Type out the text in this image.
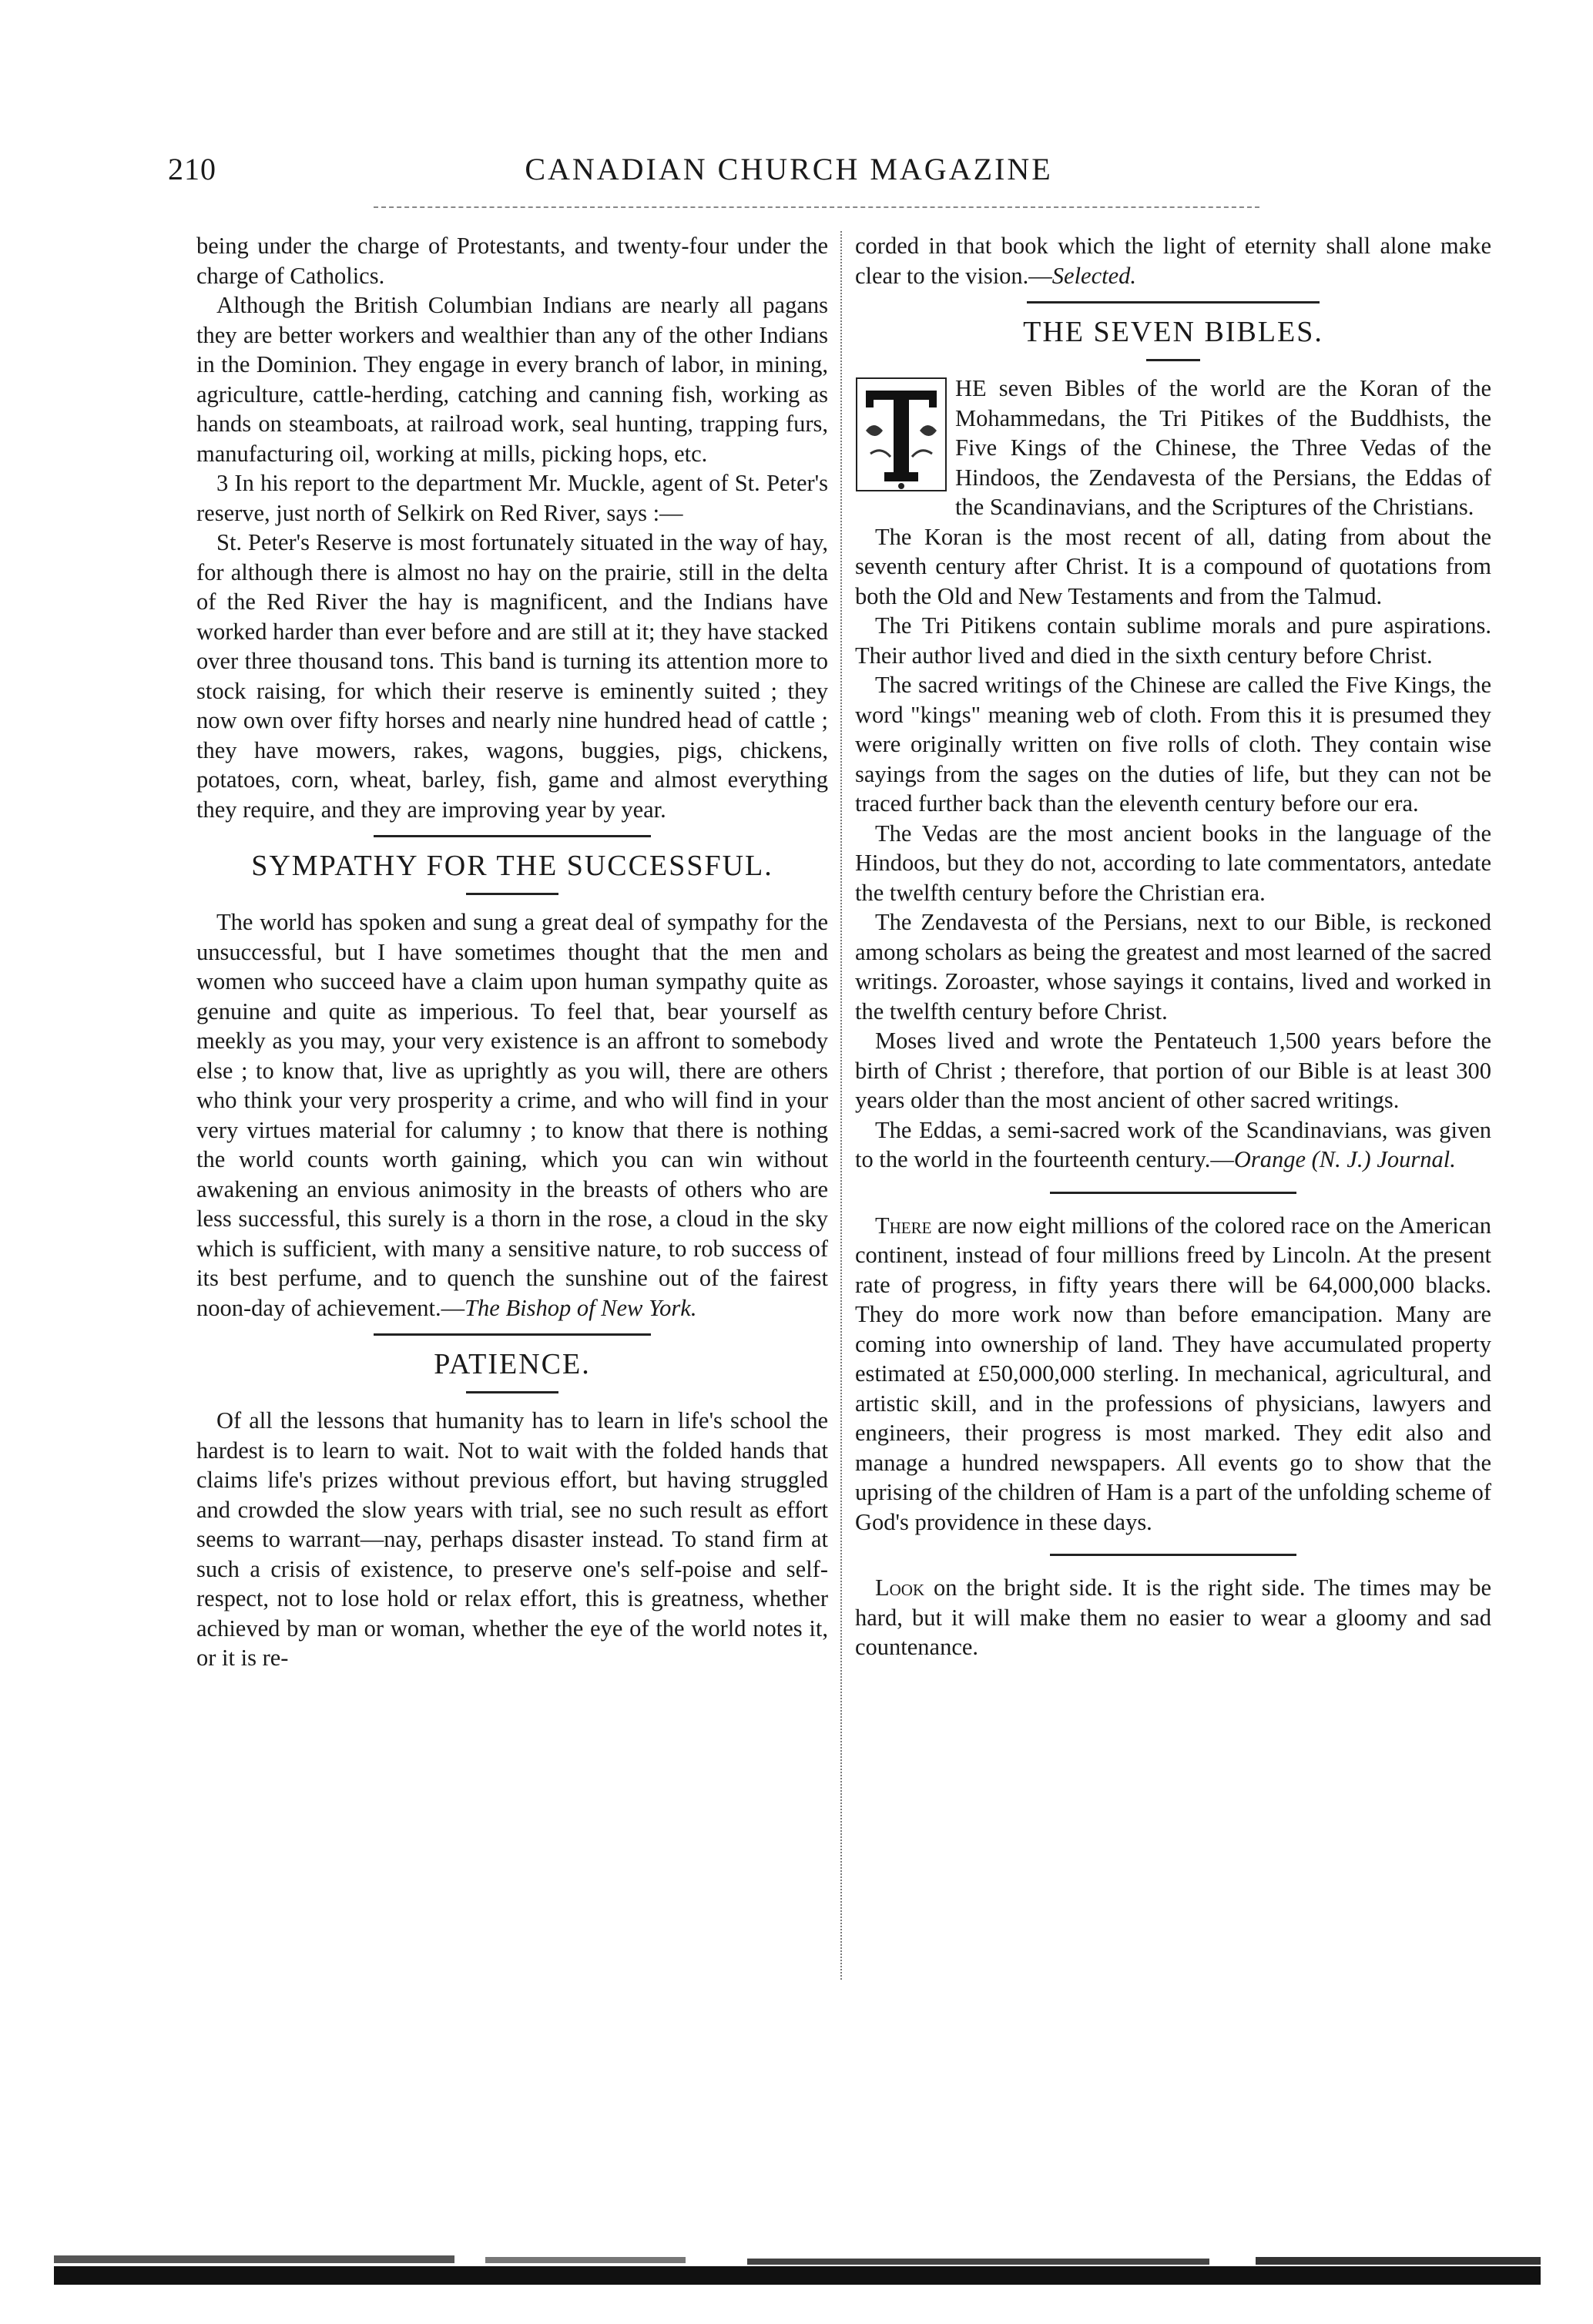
210	CANADIAN CHURCH MAGAZINE

being under the charge of Protestants, and twenty-four under the charge of Catholics.

Although the British Columbian Indians are nearly all pagans they are better workers and wealthier than any of the other Indians in the Dominion. They engage in every branch of labor, in mining, agriculture, cattle-herding, catching and canning fish, working as hands on steamboats, at railroad work, seal hunting, trapping furs, manufacturing oil, working at mills, picking hops, etc.

3 In his report to the department Mr. Muckle, agent of St. Peter's reserve, just north of Selkirk on Red River, says :—

St. Peter's Reserve is most fortunately situated in the way of hay, for although there is almost no hay on the prairie, still in the delta of the Red River the hay is magnificent, and the Indians have worked harder than ever before and are still at it; they have stacked over three thousand tons. This band is turning its attention more to stock raising, for which their reserve is eminently suited ; they now own over fifty horses and nearly nine hundred head of cattle ; they have mowers, rakes, wagons, buggies, pigs, chickens, potatoes, corn, wheat, barley, fish, game and almost everything they require, and they are improving year by year.

SYMPATHY FOR THE SUCCESSFUL.

The world has spoken and sung a great deal of sympathy for the unsuccessful, but I have sometimes thought that the men and women who succeed have a claim upon human sympathy quite as genuine and quite as imperious. To feel that, bear yourself as meekly as you may, your very existence is an affront to somebody else ; to know that, live as uprightly as you will, there are others who think your very prosperity a crime, and who will find in your very virtues material for calumny ; to know that there is nothing the world counts worth gaining, which you can win without awakening an envious animosity in the breasts of others who are less successful, this surely is a thorn in the rose, a cloud in the sky which is sufficient, with many a sensitive nature, to rob success of its best perfume, and to quench the sunshine out of the fairest noon-day of achievement.—The Bishop of New York.

PATIENCE.

Of all the lessons that humanity has to learn in life's school the hardest is to learn to wait. Not to wait with the folded hands that claims life's prizes without previous effort, but having struggled and crowded the slow years with trial, see no such result as effort seems to warrant—nay, perhaps disaster instead. To stand firm at such a crisis of existence, to preserve one's self-poise and self-respect, not to lose hold or relax effort, this is greatness, whether achieved by man or woman, whether the eye of the world notes it, or it is re-

corded in that book which the light of eternity shall alone make clear to the vision.—Selected.

THE SEVEN BIBLES.

HE seven Bibles of the world are the Koran of the Mohammedans, the Tri Pitikes of the Buddhists, the Five Kings of the Chinese, the Three Vedas of the Hindoos, the Zendavesta of the Persians, the Eddas of the Scandinavians, and the Scriptures of the Christians.

The Koran is the most recent of all, dating from about the seventh century after Christ. It is a compound of quotations from both the Old and New Testaments and from the Talmud.

The Tri Pitikens contain sublime morals and pure aspirations. Their author lived and died in the sixth century before Christ.

The sacred writings of the Chinese are called the Five Kings, the word "kings" meaning web of cloth. From this it is presumed they were originally written on five rolls of cloth. They contain wise sayings from the sages on the duties of life, but they can not be traced further back than the eleventh century before our era.

The Vedas are the most ancient books in the language of the Hindoos, but they do not, according to late commentators, antedate the twelfth century before the Christian era.

The Zendavesta of the Persians, next to our Bible, is reckoned among scholars as being the greatest and most learned of the sacred writings. Zoroaster, whose sayings it contains, lived and worked in the twelfth century before Christ.

Moses lived and wrote the Pentateuch 1,500 years before the birth of Christ ; therefore, that portion of our Bible is at least 300 years older than the most ancient of other sacred writings.

The Eddas, a semi-sacred work of the Scandinavians, was given to the world in the fourteenth century.—Orange (N. J.) Journal.

There are now eight millions of the colored race on the American continent, instead of four millions freed by Lincoln. At the present rate of progress, in fifty years there will be 64,000,000 blacks. They do more work now than before emancipation. Many are coming into ownership of land. They have accumulated property estimated at £50,000,000 sterling. In mechanical, agricultural, and artistic skill, and in the professions of physicians, lawyers and engineers, their progress is most marked. They edit also and manage a hundred newspapers. All events go to show that the uprising of the children of Ham is a part of the unfolding scheme of God's providence in these days.

Look on the bright side. It is the right side. The times may be hard, but it will make them no easier to wear a gloomy and sad countenance.
